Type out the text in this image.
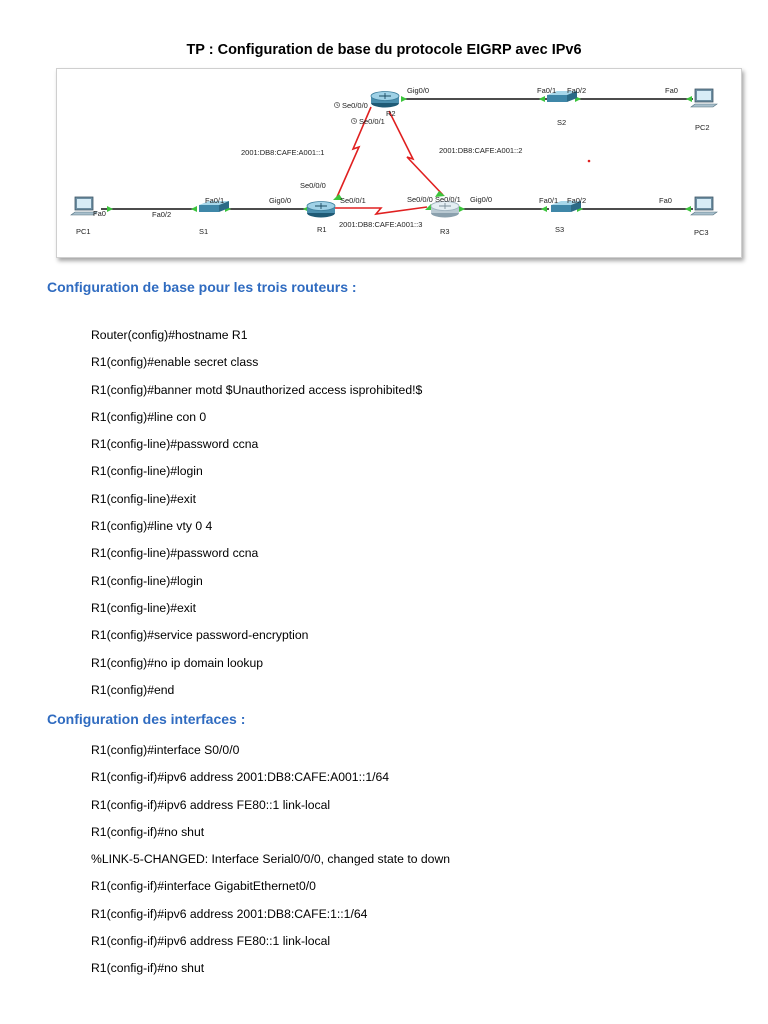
TP : Configuration de base du protocole EIGRP avec IPv6
R2
S2
PC2
PC1	S1	R1	R3	S3	PC3
Se0/0/0
Gig0/0
Se0/0/1
Fa0/1 Fa0/2	Fa0
Fa0	Fa0/2
Fa0/1	Gig0/0
Se0/0/0
Se0/0/1	Se0/0/0 Se0/0/1 Gig0/0	Fa0/1 Fa0/2	Fa0
2001:DB8:CAFE:A001::1	2001:DB8:CAFE:A001::2
2001:DB8:CAFE:A001::3
Configuration de base pour les trois routeurs :
Router(config)#hostname R1
R1(config)#enable secret class
R1(config)#banner motd $Unauthorized access isprohibited!$
R1(config)#line con 0
R1(config-line)#password ccna
R1(config-line)#login
R1(config-line)#exit
R1(config)#line vty 0 4
R1(config-line)#password ccna
R1(config-line)#login
R1(config-line)#exit
R1(config)#service password-encryption
R1(config)#no ip domain lookup
R1(config)#end
Configuration des interfaces :
R1(config)#interface S0/0/0
R1(config-if)#ipv6 address 2001:DB8:CAFE:A001::1/64
R1(config-if)#ipv6 address FE80::1 link-local
R1(config-if)#no shut
%LINK-5-CHANGED: Interface Serial0/0/0, changed state to down
R1(config-if)#interface GigabitEthernet0/0
R1(config-if)#ipv6 address 2001:DB8:CAFE:1::1/64
R1(config-if)#ipv6 address FE80::1 link-local
R1(config-if)#no shut
